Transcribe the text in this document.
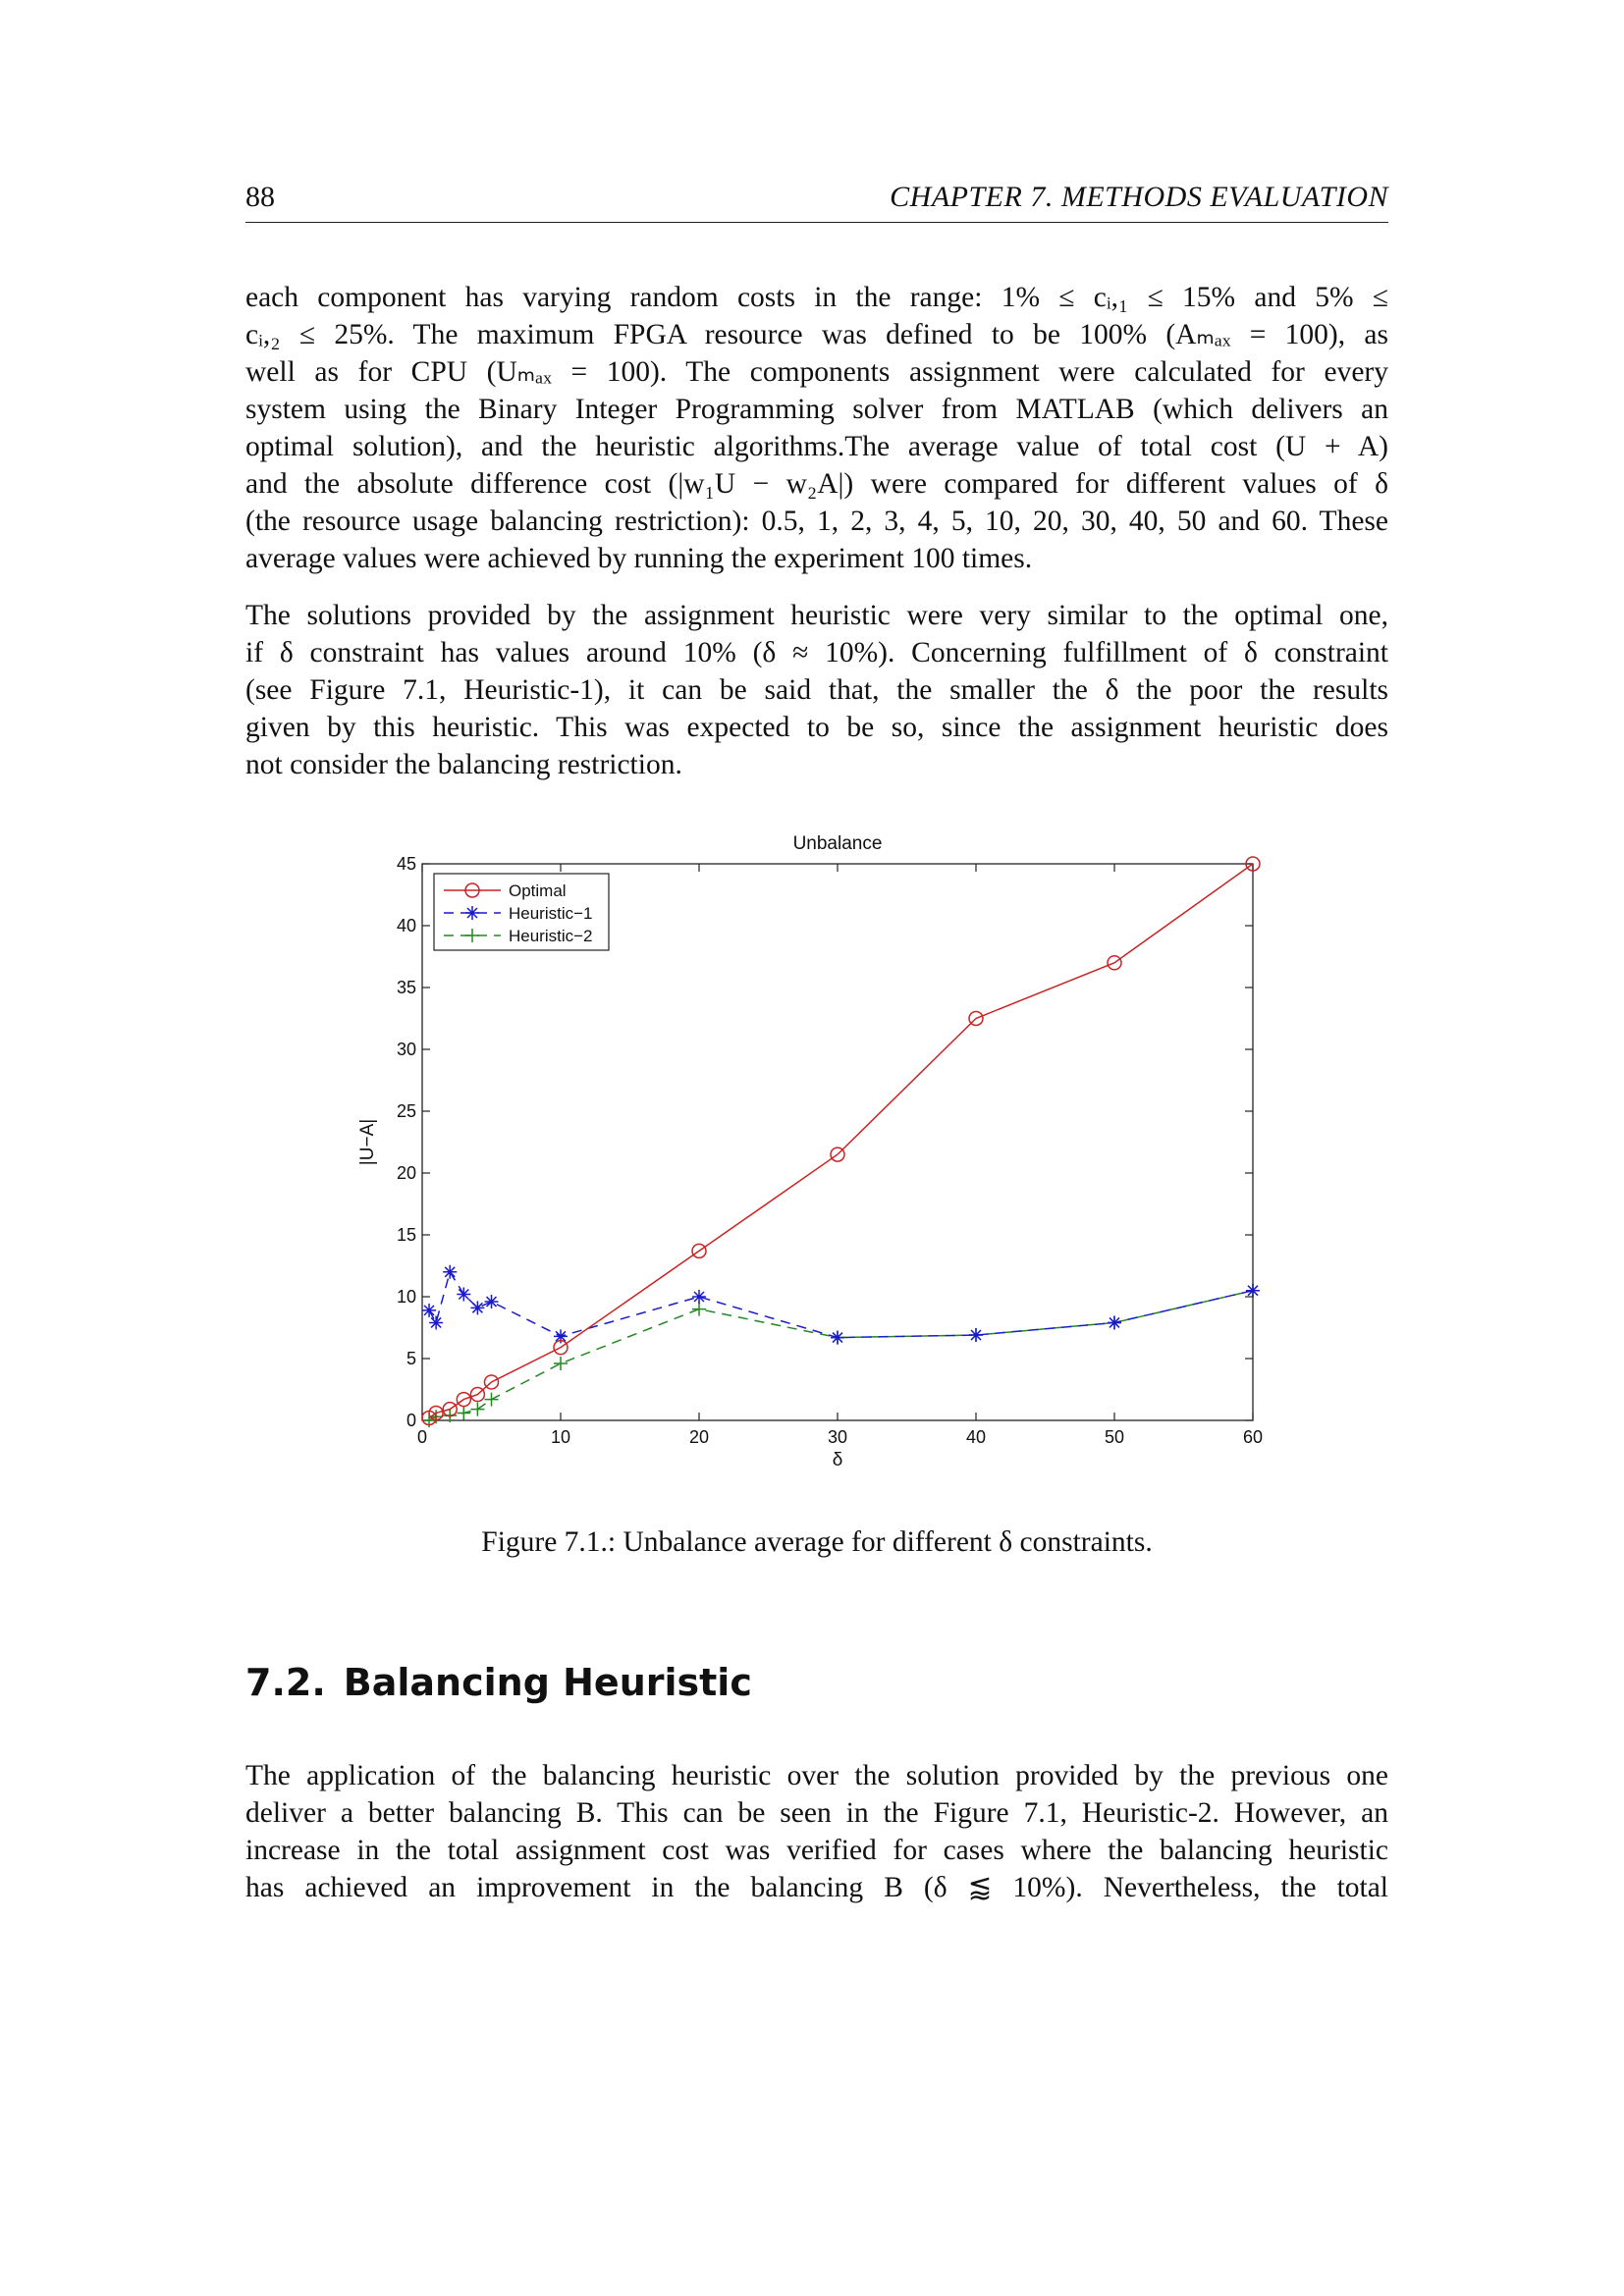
88	CHAPTER 7. METHODS EVALUATION
each component has varying random costs in the range: 1% ≤ cᵢ,₁ ≤ 15% and 5% ≤
cᵢ,₂ ≤ 25%. The maximum FPGA resource was defined to be 100% (Aₘₐₓ = 100), as
well as for CPU (Uₘₐₓ = 100). The components assignment were calculated for every
system using the Binary Integer Programming solver from MATLAB (which delivers an
optimal solution), and the heuristic algorithms.The average value of total cost (U + A)
and the absolute difference cost (|w₁U − w₂A|) were compared for different values of δ
(the resource usage balancing restriction): 0.5, 1, 2, 3, 4, 5, 10, 20, 30, 40, 50 and 60. These
average values were achieved by running the experiment 100 times.
The solutions provided by the assignment heuristic were very similar to the optimal one,
if δ constraint has values around 10% (δ ≈ 10%). Concerning fulfillment of δ constraint
(see Figure 7.1, Heuristic-1), it can be said that, the smaller the δ the poor the results
given by this heuristic. This was expected to be so, since the assignment heuristic does
not consider the balancing restriction.
Unbalance
0	10	20	30	40	50	60
0
5
10
15
20
25
30
35
40
45
δ
|U−A|
Optimal
Heuristic−1
Heuristic−2
Figure 7.1.: Unbalance average for different δ constraints.
7.2. Balancing Heuristic
The application of the balancing heuristic over the solution provided by the previous one
deliver a better balancing B. This can be seen in the Figure 7.1, Heuristic-2. However, an
increase in the total assignment cost was verified for cases where the balancing heuristic
has achieved an improvement in the balancing B (δ ⪅ 10%). Nevertheless, the total
